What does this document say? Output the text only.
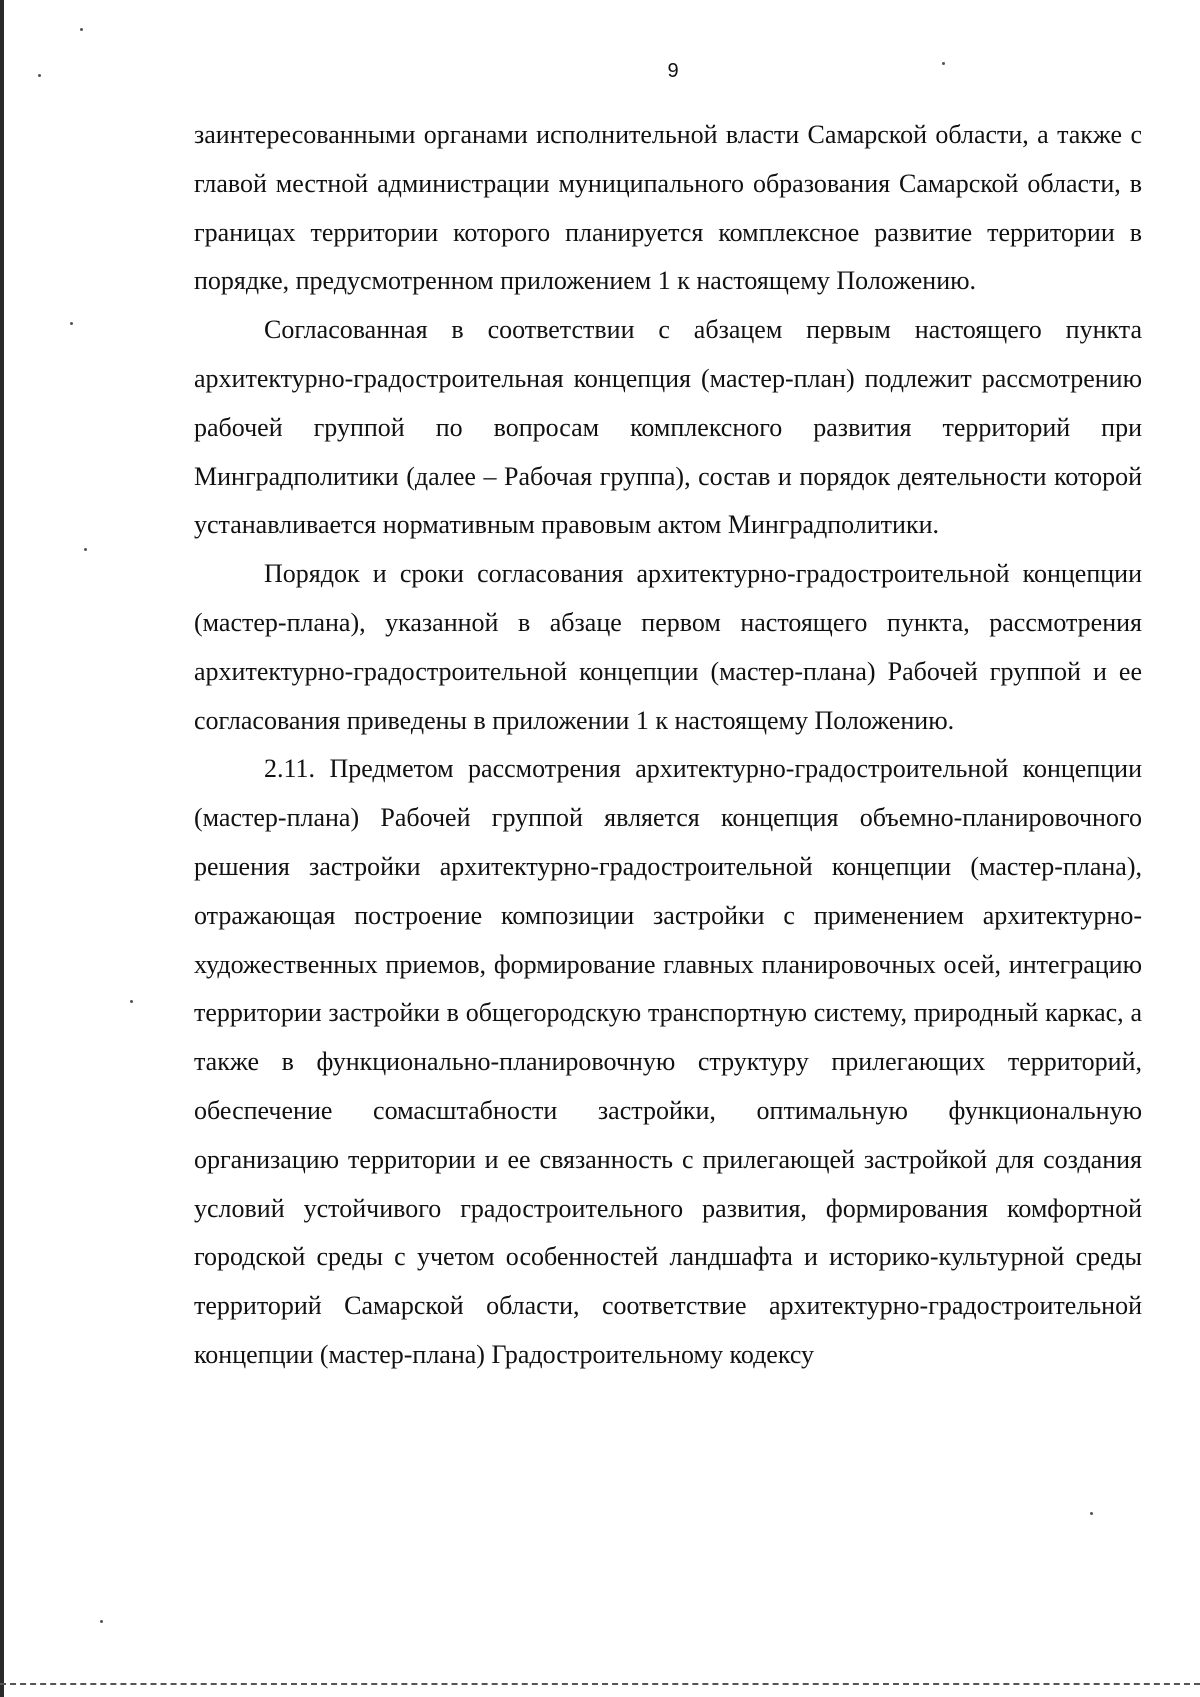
9

заинтересованными органами исполнительной власти Самарской области, а также с главой местной администрации муниципального образования Самарской области, в границах территории которого планируется комплексное развитие территории в порядке, предусмотренном приложением 1 к настоящему Положению.

Согласованная в соответствии с абзацем первым настоящего пункта архитектурно-градостроительная концепция (мастер-план) подлежит рассмотрению рабочей группой по вопросам комплексного развития территорий при Минградполитики (далее – Рабочая группа), состав и порядок деятельности которой устанавливается нормативным правовым актом Минградполитики.

Порядок и сроки согласования архитектурно-градостроительной концепции (мастер-плана), указанной в абзаце первом настоящего пункта, рассмотрения архитектурно-градостроительной концепции (мастер-плана) Рабочей группой и ее согласования приведены в приложении 1 к настоящему Положению.

2.11. Предметом рассмотрения архитектурно-градостроительной концепции (мастер-плана) Рабочей группой является концепция объемно-планировочного решения застройки архитектурно-градостроительной концепции (мастер-плана), отражающая построение композиции застройки с применением архитектурно-художественных приемов, формирование главных планировочных осей, интеграцию территории застройки в общегородскую транспортную систему, природный каркас, а также в функционально-планировочную структуру прилегающих территорий, обеспечение сомасштабности застройки, оптимальную функциональную организацию территории и ее связанность с прилегающей застройкой для создания условий устойчивого градостроительного развития, формирования комфортной городской среды с учетом особенностей ландшафта и историко-культурной среды территорий Самарской области, соответствие архитектурно-градостроительной концепции (мастер-плана) Градостроительному кодексу
